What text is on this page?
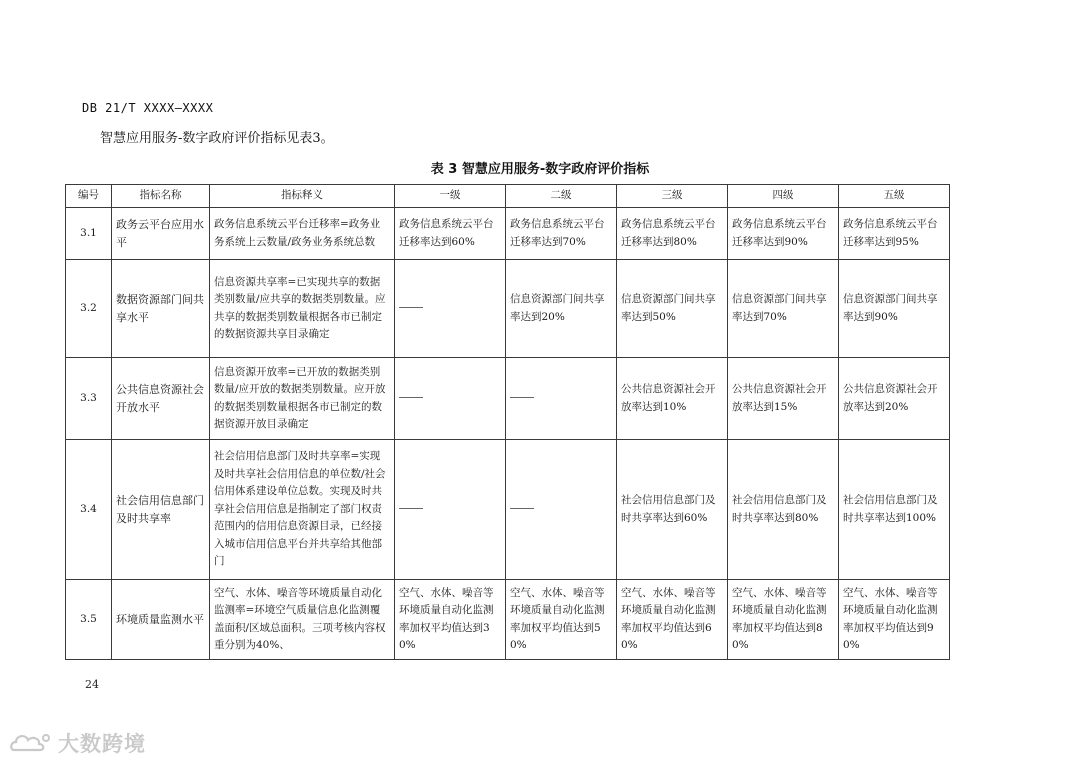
DB 21/T XXXX—XXXX
智慧应用服务-数字政府评价指标见表3。
表 3 智慧应用服务-数字政府评价指标
编号	指标名称	指标释义	一级	二级	三级	四级	五级
3.1	政务云平台应用水平	政务信息系统云平台迁移率=政务业务系统上云数量/政务业务系统总数	政务信息系统云平台迁移率达到60%	政务信息系统云平台迁移率达到70%	政务信息系统云平台迁移率达到80%	政务信息系统云平台迁移率达到90%	政务信息系统云平台迁移率达到95%
3.2	数据资源部门间共享水平	信息资源共享率=已实现共享的数据类别数量/应共享的数据类别数量。应共享的数据类别数量根据各市已制定的数据资源共享目录确定		信息资源部门间共享率达到20%	信息资源部门间共享率达到50%	信息资源部门间共享率达到70%	信息资源部门间共享率达到90%
3.3	公共信息资源社会开放水平	信息资源开放率=已开放的数据类别数量/应开放的数据类别数量。应开放的数据类别数量根据各市已制定的数据资源开放目录确定			公共信息资源社会开放率达到10%	公共信息资源社会开放率达到15%	公共信息资源社会开放率达到20%
3.4	社会信用信息部门及时共享率	社会信用信息部门及时共享率=实现及时共享社会信用信息的单位数/社会信用体系建设单位总数。实现及时共享社会信用信息是指制定了部门权责范围内的信用信息资源目录，已经接入城市信用信息平台并共享给其他部门			社会信用信息部门及时共享率达到60%	社会信用信息部门及时共享率达到80%	社会信用信息部门及时共享率达到100%
3.5	环境质量监测水平	空气、水体、噪音等环境质量自动化监测率=环境空气质量信息化监测覆盖面积/区域总面积。三项考核内容权重分别为40%、	空气、水体、噪音等环境质量自动化监测率加权平均值达到30%	空气、水体、噪音等环境质量自动化监测率加权平均值达到50%	空气、水体、噪音等环境质量自动化监测率加权平均值达到60%	空气、水体、噪音等环境质量自动化监测率加权平均值达到80%	空气、水体、噪音等环境质量自动化监测率加权平均值达到90%
24
大数跨境
